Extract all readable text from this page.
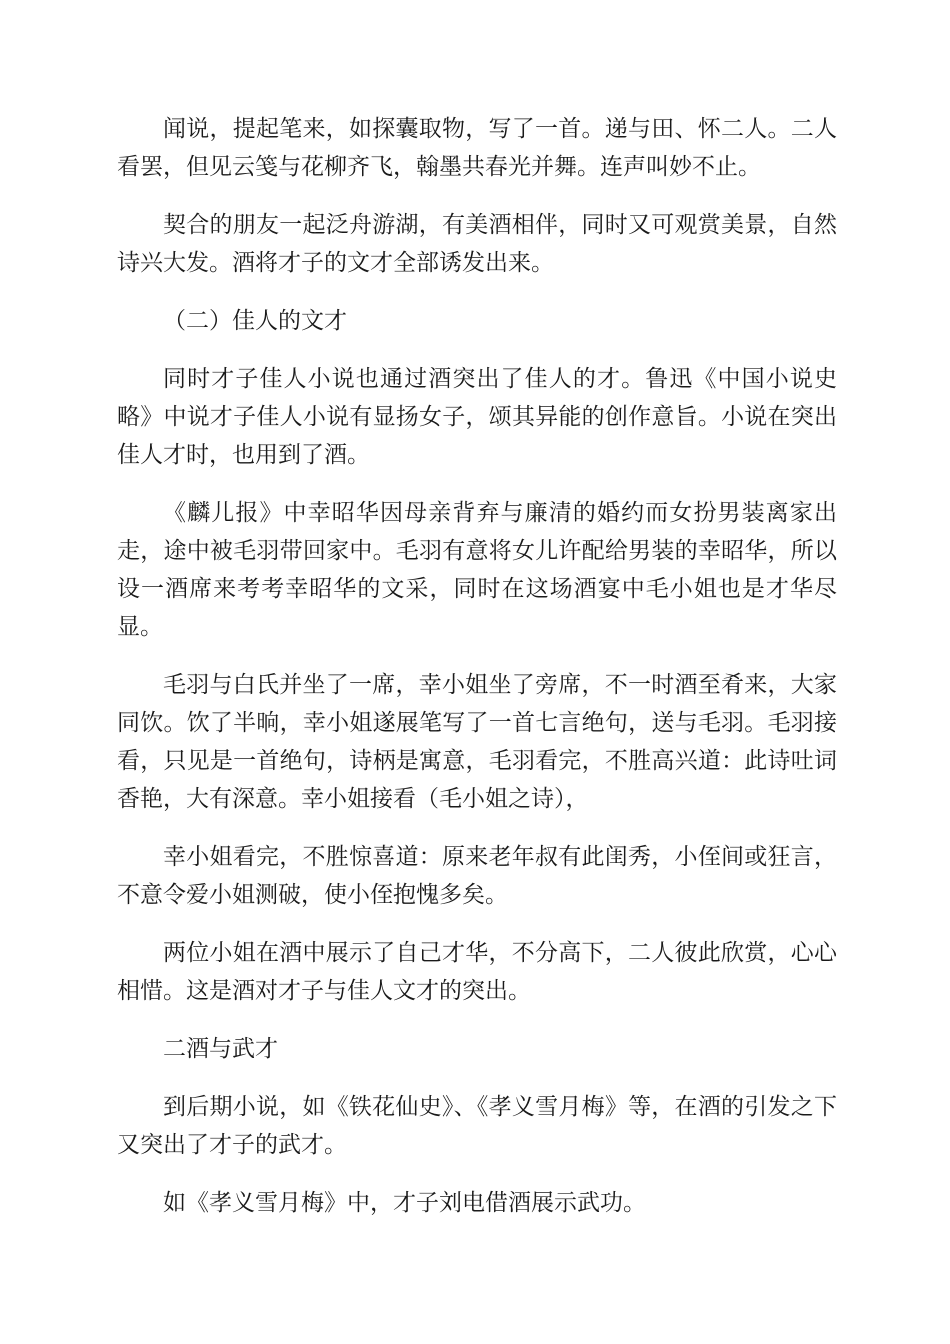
闻说，提起笔来，如探囊取物，写了一首。递与田、怀二人。二人看罢，但见云笺与花柳齐飞，翰墨共春光并舞。连声叫妙不止。

契合的朋友一起泛舟游湖，有美酒相伴，同时又可观赏美景，自然诗兴大发。酒将才子的文才全部诱发出来。

（二）佳人的文才

同时才子佳人小说也通过酒突出了佳人的才。鲁迅《中国小说史略》中说才子佳人小说有显扬女子，颂其异能的创作意旨。小说在突出佳人才时，也用到了酒。

《麟儿报》中幸昭华因母亲背弃与廉清的婚约而女扮男装离家出走，途中被毛羽带回家中。毛羽有意将女儿许配给男装的幸昭华，所以设一酒席来考考幸昭华的文采，同时在这场酒宴中毛小姐也是才华尽显。

毛羽与白氏并坐了一席，幸小姐坐了旁席，不一时酒至肴来，大家同饮。饮了半晌，幸小姐遂展笔写了一首七言绝句，送与毛羽。毛羽接看，只见是一首绝句，诗柄是寓意，毛羽看完，不胜高兴道：此诗吐词香艳，大有深意。幸小姐接看（毛小姐之诗），

幸小姐看完，不胜惊喜道：原来老年叔有此闺秀，小侄间或狂言，不意令爱小姐测破，使小侄抱愧多矣。

两位小姐在酒中展示了自己才华，不分高下，二人彼此欣赏，心心相惜。这是酒对才子与佳人文才的突出。

二酒与武才

到后期小说，如《铁花仙史》、《孝义雪月梅》等，在酒的引发之下又突出了才子的武才。

如《孝义雪月梅》中，才子刘电借酒展示武功。
